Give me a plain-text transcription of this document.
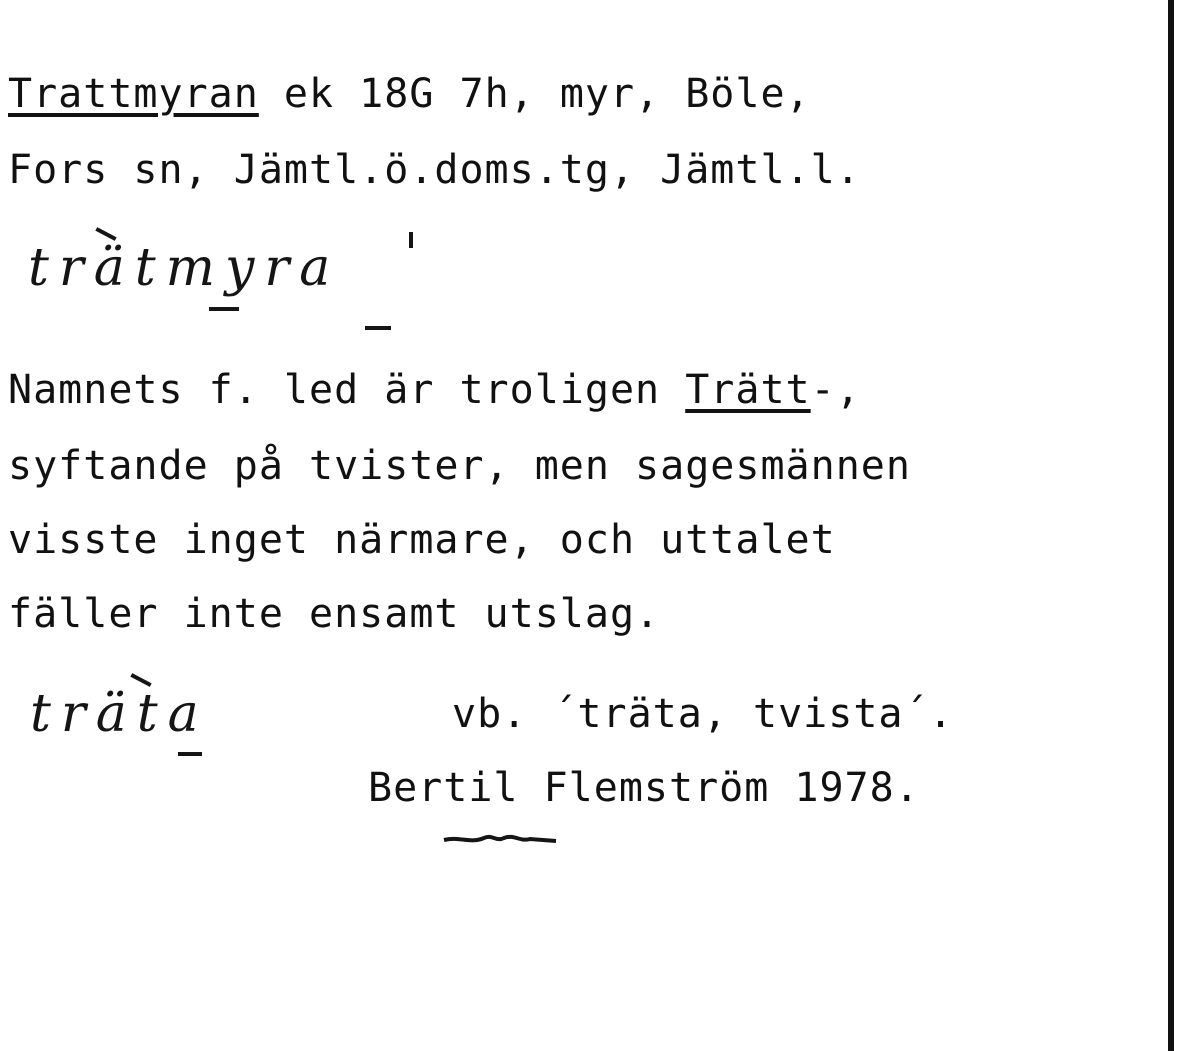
Trattmyran ek 18G 7h, myr, Böle,
Fors sn, Jämtl.ö.doms.tg, Jämtl.l.
trätmyra
Namnets f. led är troligen Trätt-,
syftande på tvister, men sagesmännen
visste inget närmare, och uttalet
fäller inte ensamt utslag.
träta	vb. ´träta, tvista´.
Bertil Flemström 1978.
